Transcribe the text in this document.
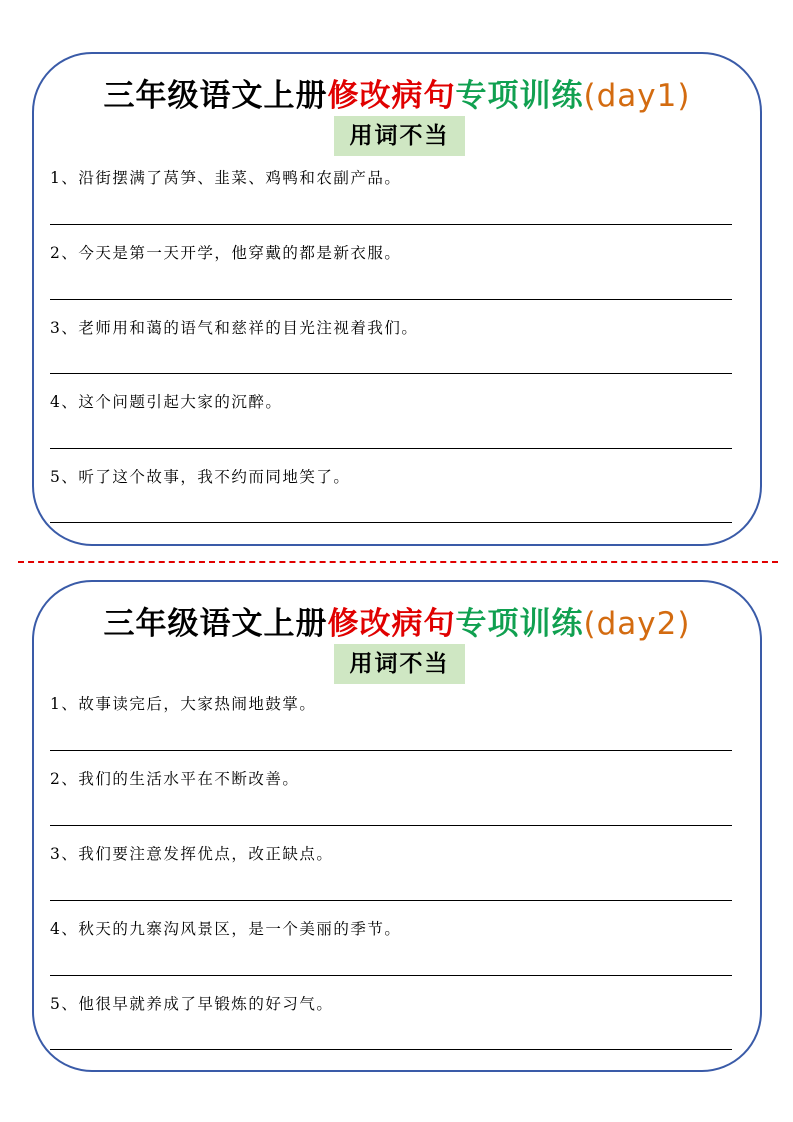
三年级语文上册修改病句专项训练(day1)
用词不当
1、沿街摆满了莴笋、韭菜、鸡鸭和农副产品。
2、今天是第一天开学，他穿戴的都是新衣服。
3、老师用和蔼的语气和慈祥的目光注视着我们。
4、这个问题引起大家的沉醉。
5、听了这个故事，我不约而同地笑了。
三年级语文上册修改病句专项训练(day2)
用词不当
1、故事读完后，大家热闹地鼓掌。
2、我们的生活水平在不断改善。
3、我们要注意发挥优点，改正缺点。
4、秋天的九寨沟风景区，是一个美丽的季节。
5、他很早就养成了早锻炼的好习气。
